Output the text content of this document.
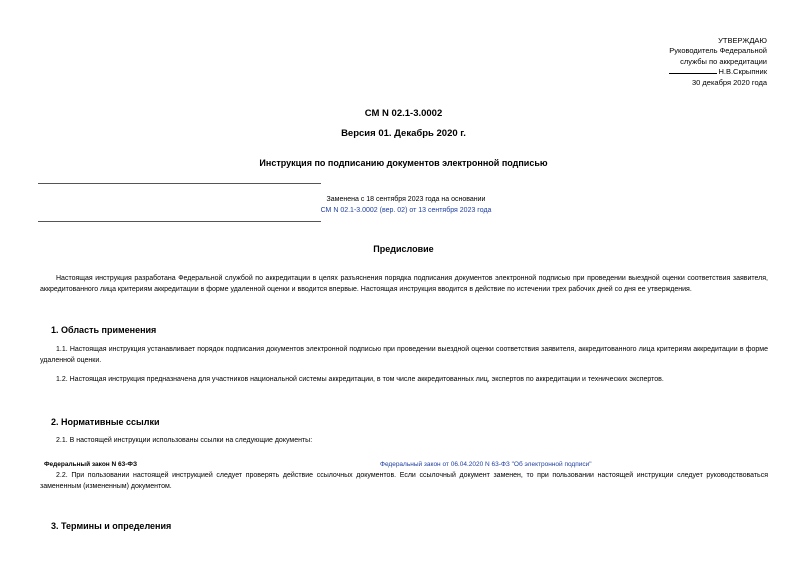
УТВЕРЖДАЮ
Руководитель Федеральной
службы по аккредитации
Н.В.Скрыпник
30 декабря 2020 года
СМ N 02.1-3.0002
Версия 01. Декабрь 2020 г.
Инструкция по подписанию документов электронной подписью
Заменена с 18 сентября 2023 года на основании
СМ N 02.1-3.0002 (вер. 02) от 13 сентября 2023 года
Предисловие
Настоящая инструкция разработана Федеральной службой по аккредитации в целях разъяснения порядка подписания документов электронной подписью при проведении выездной оценки соответствия заявителя, аккредитованного лица критериям аккредитации в форме удаленной оценки и вводится впервые. Настоящая инструкция вводится в действие по истечении трех рабочих дней со дня ее утверждения.
1. Область применения
1.1. Настоящая инструкция устанавливает порядок подписания документов электронной подписью при проведении выездной оценки соответствия заявителя, аккредитованного лица критериям аккредитации в форме удаленной оценки.
1.2. Настоящая инструкция предназначена для участников национальной системы аккредитации, в том числе аккредитованных лиц, экспертов по аккредитации и технических экспертов.
2. Нормативные ссылки
2.1. В настоящей инструкции использованы ссылки на следующие документы:
Федеральный закон N 63-ФЗ	Федеральный закон от 06.04.2020 N 63-ФЗ "Об электронной подписи"
2.2. При пользовании настоящей инструкцией следует проверять действие ссылочных документов. Если ссылочный документ заменен, то при пользовании настоящей инструкции следует руководствоваться замененным (измененным) документом.
3. Термины и определения
